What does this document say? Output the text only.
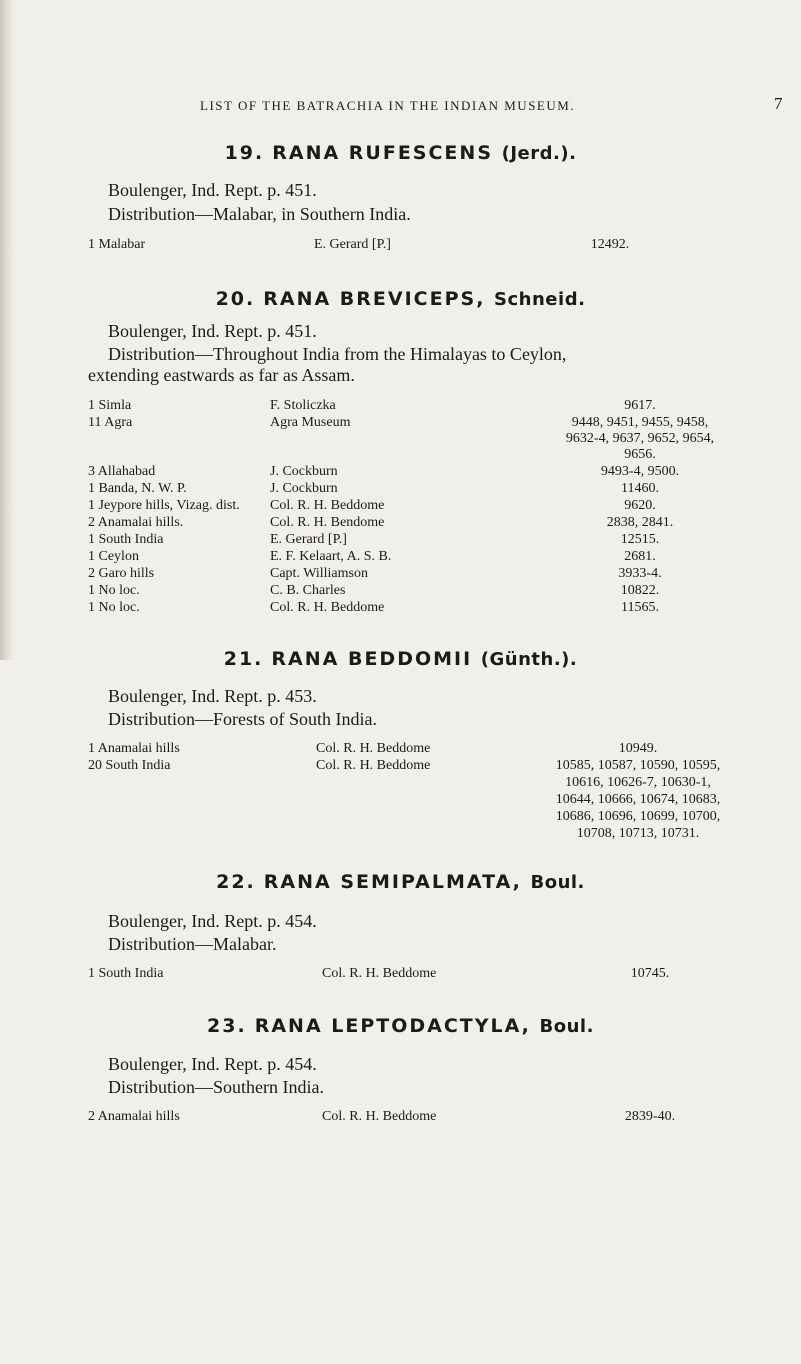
LIST OF THE BATRACHIA IN THE INDIAN MUSEUM.	7
19. RANA RUFESCENS (Jerd.).
Boulenger, Ind. Rept. p. 451.
Distribution—Malabar, in Southern India.
1 Malabar	E. Gerard [P.]	12492.
20. RANA BREVICEPS, Schneid.
Boulenger, Ind. Rept. p. 451.
Distribution—Throughout India from the Himalayas to Ceylon,
extending eastwards as far as Assam.
1 Simla	F. Stoliczka	9617.
11 Agra	Agra Museum	9448, 9451, 9455, 9458,
9632-4, 9637, 9652, 9654,
9656.
3 Allahabad	J. Cockburn	9493-4, 9500.
1 Banda, N. W. P.	J. Cockburn	11460.
1 Jeypore hills, Vizag. dist. Col. R. H. Beddome	9620.
2 Anamalai hills.	Col. R. H. Bendome	2838, 2841.
1 South India	E. Gerard [P.]	12515.
1 Ceylon	E. F. Kelaart, A. S. B.	2681.
2 Garo hills	Capt. Williamson	3933-4.
1 No loc.	C. B. Charles	10822.
1 No loc.	Col. R. H. Beddome	11565.
21. RANA BEDDOMII (Günth.).
Boulenger, Ind. Rept. p. 453.
Distribution—Forests of South India.
1 Anamalai hills	Col. R. H. Beddome	10949.
20 South India	Col. R. H. Beddome	10585, 10587, 10590, 10595,
10616, 10626-7, 10630-1,
10644, 10666, 10674, 10683,
10686, 10696, 10699, 10700,
10708, 10713, 10731.
22. RANA SEMIPALMATA, Boul.
Boulenger, Ind. Rept. p. 454.
Distribution—Malabar.
1 South India	Col. R. H. Beddome	10745.
23. RANA LEPTODACTYLA, Boul.
Boulenger, Ind. Rept. p. 454.
Distribution—Southern India.
2 Anamalai hills	Col. R. H. Beddome	2839-40.
